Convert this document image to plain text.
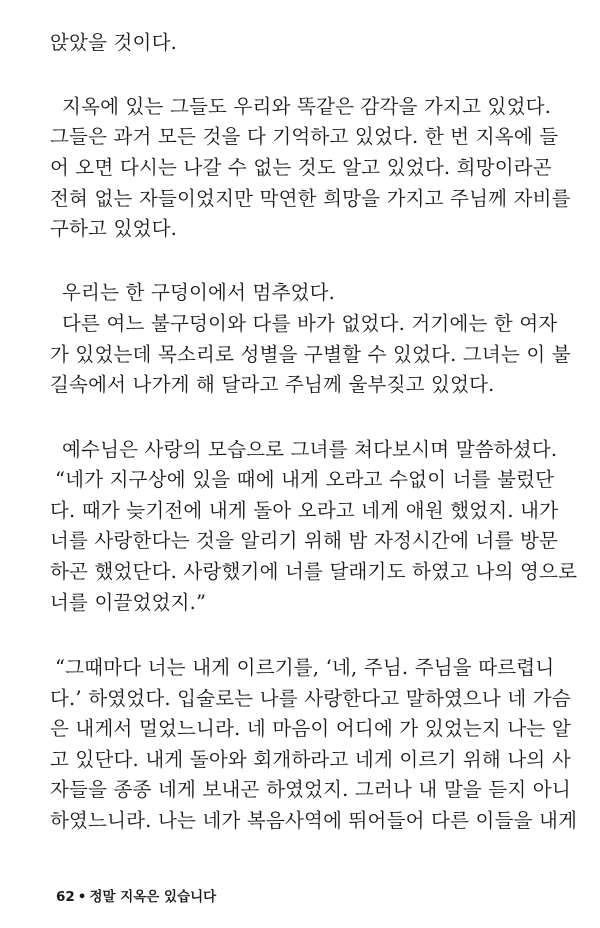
앉았을 것이다.
지옥에 있는 그들도 우리와 똑같은 감각을 가지고 있었다.
그들은 과거 모든 것을 다 기억하고 있었다. 한 번 지옥에 들
어 오면 다시는 나갈 수 없는 것도 알고 있었다. 희망이라곤
전혀 없는 자들이었지만 막연한 희망을 가지고 주님께 자비를
구하고 있었다.
우리는 한 구덩이에서 멈추었다.
다른 여느 불구덩이와 다를 바가 없었다. 거기에는 한 여자
가 있었는데 목소리로 성별을 구별할 수 있었다. 그녀는 이 불
길속에서 나가게 해 달라고 주님께 울부짖고 있었다.
예수님은 사랑의 모습으로 그녀를 쳐다보시며 말씀하셨다.
“네가 지구상에 있을 때에 내게 오라고 수없이 너를 불렀단
다. 때가 늦기전에 내게 돌아 오라고 네게 애원 했었지. 내가
너를 사랑한다는 것을 알리기 위해 밤 자정시간에 너를 방문
하곤 했었단다. 사랑했기에 너를 달래기도 하였고 나의 영으로
너를 이끌었었지.”
“그때마다 너는 내게 이르기를, ‘네, 주님. 주님을 따르렵니
다.’ 하였었다. 입술로는 나를 사랑한다고 말하였으나 네 가슴
은 내게서 멀었느니라. 네 마음이 어디에 가 있었는지 나는 알
고 있단다. 내게 돌아와 회개하라고 네게 이르기 위해 나의 사
자들을 종종 네게 보내곤 하였었지. 그러나 내 말을 듣지 아니
하였느니라. 나는 네가 복음사역에 뛰어들어 다른 이들을 내게
62 • 정말 지옥은 있습니다
